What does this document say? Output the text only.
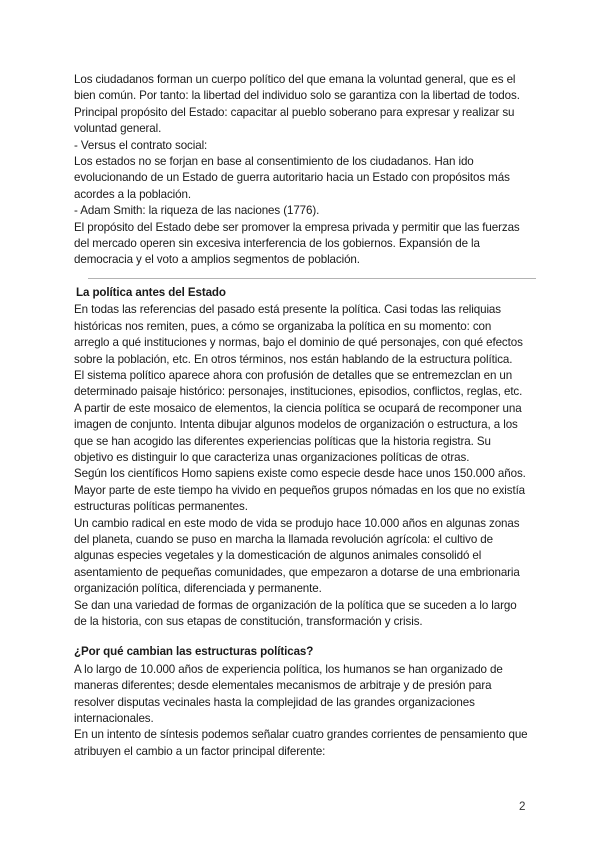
Los ciudadanos forman un cuerpo político del que emana la voluntad general, que es el bien común. Por tanto: la libertad del individuo solo se garantiza con la libertad de todos. Principal propósito del Estado: capacitar al pueblo soberano para expresar y realizar su voluntad general.

- Versus el contrato social:

Los estados no se forjan en base al consentimiento de los ciudadanos. Han ido evolucionando de un Estado de guerra autoritario hacia un Estado con propósitos más acordes a la población.

- Adam Smith: la riqueza de las naciones (1776).

El propósito del Estado debe ser promover la empresa privada y permitir que las fuerzas del mercado operen sin excesiva interferencia de los gobiernos. Expansión de la democracia y el voto a amplios segmentos de población.

La política antes del Estado

En todas las referencias del pasado está presente la política. Casi todas las reliquias históricas nos remiten, pues, a cómo se organizaba la política en su momento: con arreglo a qué instituciones y normas, bajo el dominio de qué personajes, con qué efectos sobre la población, etc. En otros términos, nos están hablando de la estructura política.

El sistema político aparece ahora con profusión de detalles que se entremezclan en un determinado paisaje histórico: personajes, instituciones, episodios, conflictos, reglas, etc. A partir de este mosaico de elementos, la ciencia política se ocupará de recomponer una imagen de conjunto. Intenta dibujar algunos modelos de organización o estructura, a los que se han acogido las diferentes experiencias políticas que la historia registra. Su objetivo es distinguir lo que caracteriza unas organizaciones políticas de otras.

Según los científicos Homo sapiens existe como especie desde hace unos 150.000 años. Mayor parte de este tiempo ha vivido en pequeños grupos nómadas en los que no existía estructuras políticas permanentes.

Un cambio radical en este modo de vida se produjo hace 10.000 años en algunas zonas del planeta, cuando se puso en marcha la llamada revolución agrícola: el cultivo de algunas especies vegetales y la domesticación de algunos animales consolidó el asentamiento de pequeñas comunidades, que empezaron a dotarse de una embrionaria organización política, diferenciada y permanente.

Se dan una variedad de formas de organización de la política que se suceden a lo largo de la historia, con sus etapas de constitución, transformación y crisis.

¿Por qué cambian las estructuras políticas?

A lo largo de 10.000 años de experiencia política, los humanos se han organizado de maneras diferentes; desde elementales mecanismos de arbitraje y de presión para resolver disputas vecinales hasta la complejidad de las grandes organizaciones internacionales.

En un intento de síntesis podemos señalar cuatro grandes corrientes de pensamiento que atribuyen el cambio a un factor principal diferente:

2
